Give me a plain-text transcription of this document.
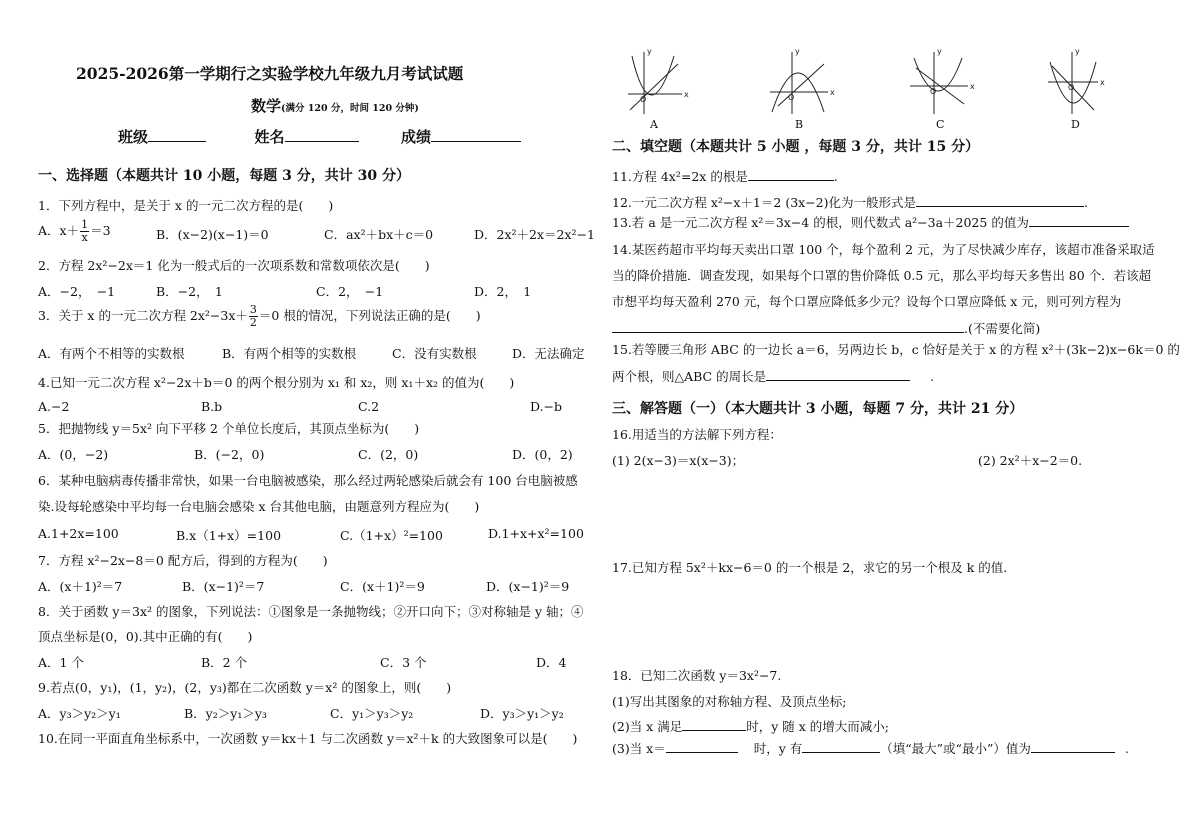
2025-2026第一学期行之实验学校九年级九月考试试题
数学(满分 120 分，时间 120 分钟)
班级	姓名	成绩
一、选择题（本题共计 10 小题，每题 3 分，共计 30 分）
1．下列方程中，是关于 x 的一元二次方程的是(　　)
A．$x+ \frac{1}{x} =3$	B．(x−2)(x−1)＝0	C．ax²＋bx＋c＝0	D．2x²＋2x＝2x²−1
2．方程 2x²−2x＝1 化为一般式后的一次项系数和常数项依次是(　　)
A．−2，　−1	B．−2，　1	C．2，　−1	D．2，　1
3．关于 x 的一元二次方程 $2x^2-3x+ \frac{3}{2} =0$ 根的情况，下列说法正确的是(　　)
A．有两个不相等的实数根	B．有两个相等的实数根	C．没有实数根	D．无法确定
4.已知一元二次方程 x²−2x＋b＝0 的两个根分别为 x₁ 和 x₂，则 x₁＋x₂ 的值为(　　)
A.−2	B.b	C.2	D.−b
5．把抛物线 y＝5x² 向下平移 2 个单位长度后，其顶点坐标为(　　)
A．(0，−2)	B．(−2，0)	C．(2，0)	D．(0，2)
6．某种电脑病毒传播非常快，如果一台电脑被感染，那么经过两轮感染后就会有 100 台电脑被感
染.设每轮感染中平均每一台电脑会感染 x 台其他电脑，由题意列方程应为(　　)
A.1+2x=100	B.x（1+x）=100	C.（1+x）²=100	D.1+x+x²=100
7．方程 x²−2x−8＝0 配方后，得到的方程为(　　)
A．(x＋1)²＝7	B．(x−1)²＝7	C．(x＋1)²＝9	D．(x−1)²＝9
8．关于函数 y＝3x² 的图象，下列说法：①图象是一条抛物线；②开口向下；③对称轴是 y 轴；④
顶点坐标是(0，0).其中正确的有(　　)
A．1 个	B．2 个	C．3 个	D．4
9.若点(0，y₁)，(1，y₂)，(2，y₃)都在二次函数 y＝x² 的图象上，则(　　)
A．y₃＞y₂＞y₁	B．y₂＞y₁＞y₃	C．y₁＞y₃＞y₂	D．y₃＞y₁＞y₂
10.在同一平面直角坐标系中，一次函数 y＝kx＋1 与二次函数 y＝x²＋k 的大致图象可以是(　　)
x
y
O
x
y
O
x
y
O
x
y
O
A	B	C	D
二、填空题（本题共计 5 小题 ，每题 3 分，共计 15 分）
11.方程 4x²=2x 的根是	.
12.一元二次方程 x²−x＋1＝2 (3x−2)化为一般形式是	.
13.若 a 是一元二次方程 x²＝3x−4 的根，则代数式 a²−3a＋2025 的值为
14.某医药超市平均每天卖出口罩 100 个，每个盈利 2 元，为了尽快减少库存，该超市准备采取适
当的降价措施．调查发现，如果每个口罩的售价降低 0.5 元，那么平均每天多售出 80 个．若该超
市想平均每天盈利 270 元，每个口罩应降低多少元？设每个口罩应降低 x 元，则可列方程为
.(不需要化简)
15.若等腰三角形 ABC 的一边长 a＝6，另两边长 b，c 恰好是关于 x 的方程 x²＋(3k−2)x−6k＝0 的
两个根，则△ABC 的周长是	.
三、解答题（一）（本大题共计 3 小题，每题 7 分，共计 21 分）
16.用适当的方法解下列方程：
(1) 2(x−3)＝x(x−3)；	(2) 2x²＋x−2＝0.
17.已知方程 5x²＋kx−6＝0 的一个根是 2，求它的另一个根及 k 的值.
18．已知二次函数 y＝3x²−7.
(1)写出其图象的对称轴方程、及顶点坐标;
(2)当 x 满足	时，y 随 x 的增大而减小;
(3)当 x＝	时，y 有	（填“最大”或“最小”）值为	.
